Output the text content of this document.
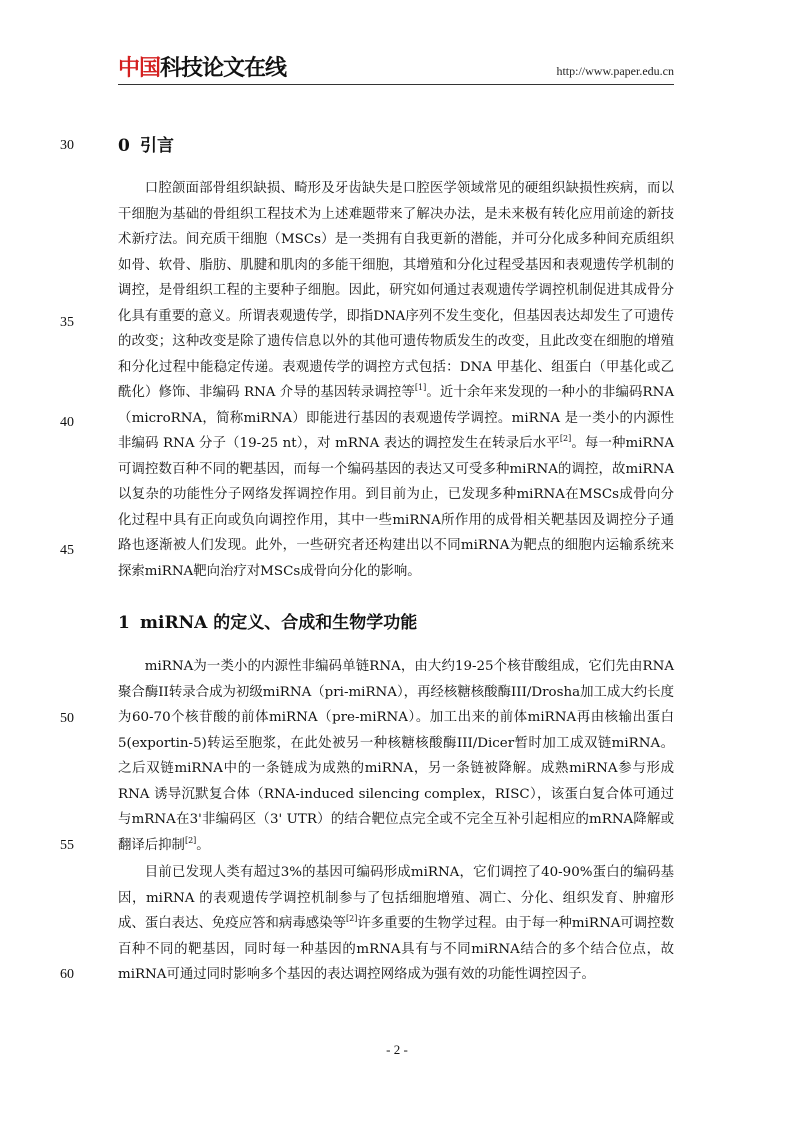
中国科技论文在线	http://www.paper.edu.cn
30
35
40
45
50
55
60
0 引言

口腔颌面部骨组织缺损、畸形及牙齿缺失是口腔医学领域常见的硬组织缺损性疾病，而以干细胞为基础的骨组织工程技术为上述难题带来了解决办法，是未来极有转化应用前途的新技术新疗法。间充质干细胞（MSCs）是一类拥有自我更新的潜能，并可分化成多种间充质组织如骨、软骨、脂肪、肌腱和肌肉的多能干细胞，其增殖和分化过程受基因和表观遗传学机制的调控，是骨组织工程的主要种子细胞。因此，研究如何通过表观遗传学调控机制促进其成骨分化具有重要的意义。所谓表观遗传学，即指DNA序列不发生变化，但基因表达却发生了可遗传的改变；这种改变是除了遗传信息以外的其他可遗传物质发生的改变，且此改变在细胞的增殖和分化过程中能稳定传递。表观遗传学的调控方式包括：DNA 甲基化、组蛋白（甲基化或乙酰化）修饰、非编码 RNA 介导的基因转录调控等[1]。近十余年来发现的一种小的非编码RNA（microRNA，简称miRNA）即能进行基因的表观遗传学调控。miRNA 是一类小的内源性非编码 RNA 分子（19-25 nt），对 mRNA 表达的调控发生在转录后水平[2]。每一种miRNA可调控数百种不同的靶基因，而每一个编码基因的表达又可受多种miRNA的调控，故miRNA以复杂的功能性分子网络发挥调控作用。到目前为止，已发现多种miRNA在MSCs成骨向分化过程中具有正向或负向调控作用，其中一些miRNA所作用的成骨相关靶基因及调控分子通路也逐渐被人们发现。此外，一些研究者还构建出以不同miRNA为靶点的细胞内运输系统来探索miRNA靶向治疗对MSCs成骨向分化的影响。

1 miRNA 的定义、合成和生物学功能

miRNA为一类小的内源性非编码单链RNA，由大约19-25个核苷酸组成，它们先由RNA聚合酶II转录合成为初级miRNA（pri-miRNA），再经核糖核酸酶III/Drosha加工成大约长度为60-70个核苷酸的前体miRNA（pre-miRNA）。加工出来的前体miRNA再由核输出蛋白5(exportin-5)转运至胞浆，在此处被另一种核糖核酸酶III/Dicer暂时加工成双链miRNA。之后双链miRNA中的一条链成为成熟的miRNA，另一条链被降解。成熟miRNA参与形成RNA 诱导沉默复合体（RNA-induced silencing complex，RISC），该蛋白复合体可通过与mRNA在3'非编码区（3' UTR）的结合靶位点完全或不完全互补引起相应的mRNA降解或翻译后抑制[2]。

目前已发现人类有超过3%的基因可编码形成miRNA，它们调控了40-90%蛋白的编码基因，miRNA 的表观遗传学调控机制参与了包括细胞增殖、凋亡、分化、组织发育、肿瘤形成、蛋白表达、免疫应答和病毒感染等[2]许多重要的生物学过程。由于每一种miRNA可调控数百种不同的靶基因，同时每一种基因的mRNA具有与不同miRNA结合的多个结合位点，故miRNA可通过同时影响多个基因的表达调控网络成为强有效的功能性调控因子。

- 2 -
